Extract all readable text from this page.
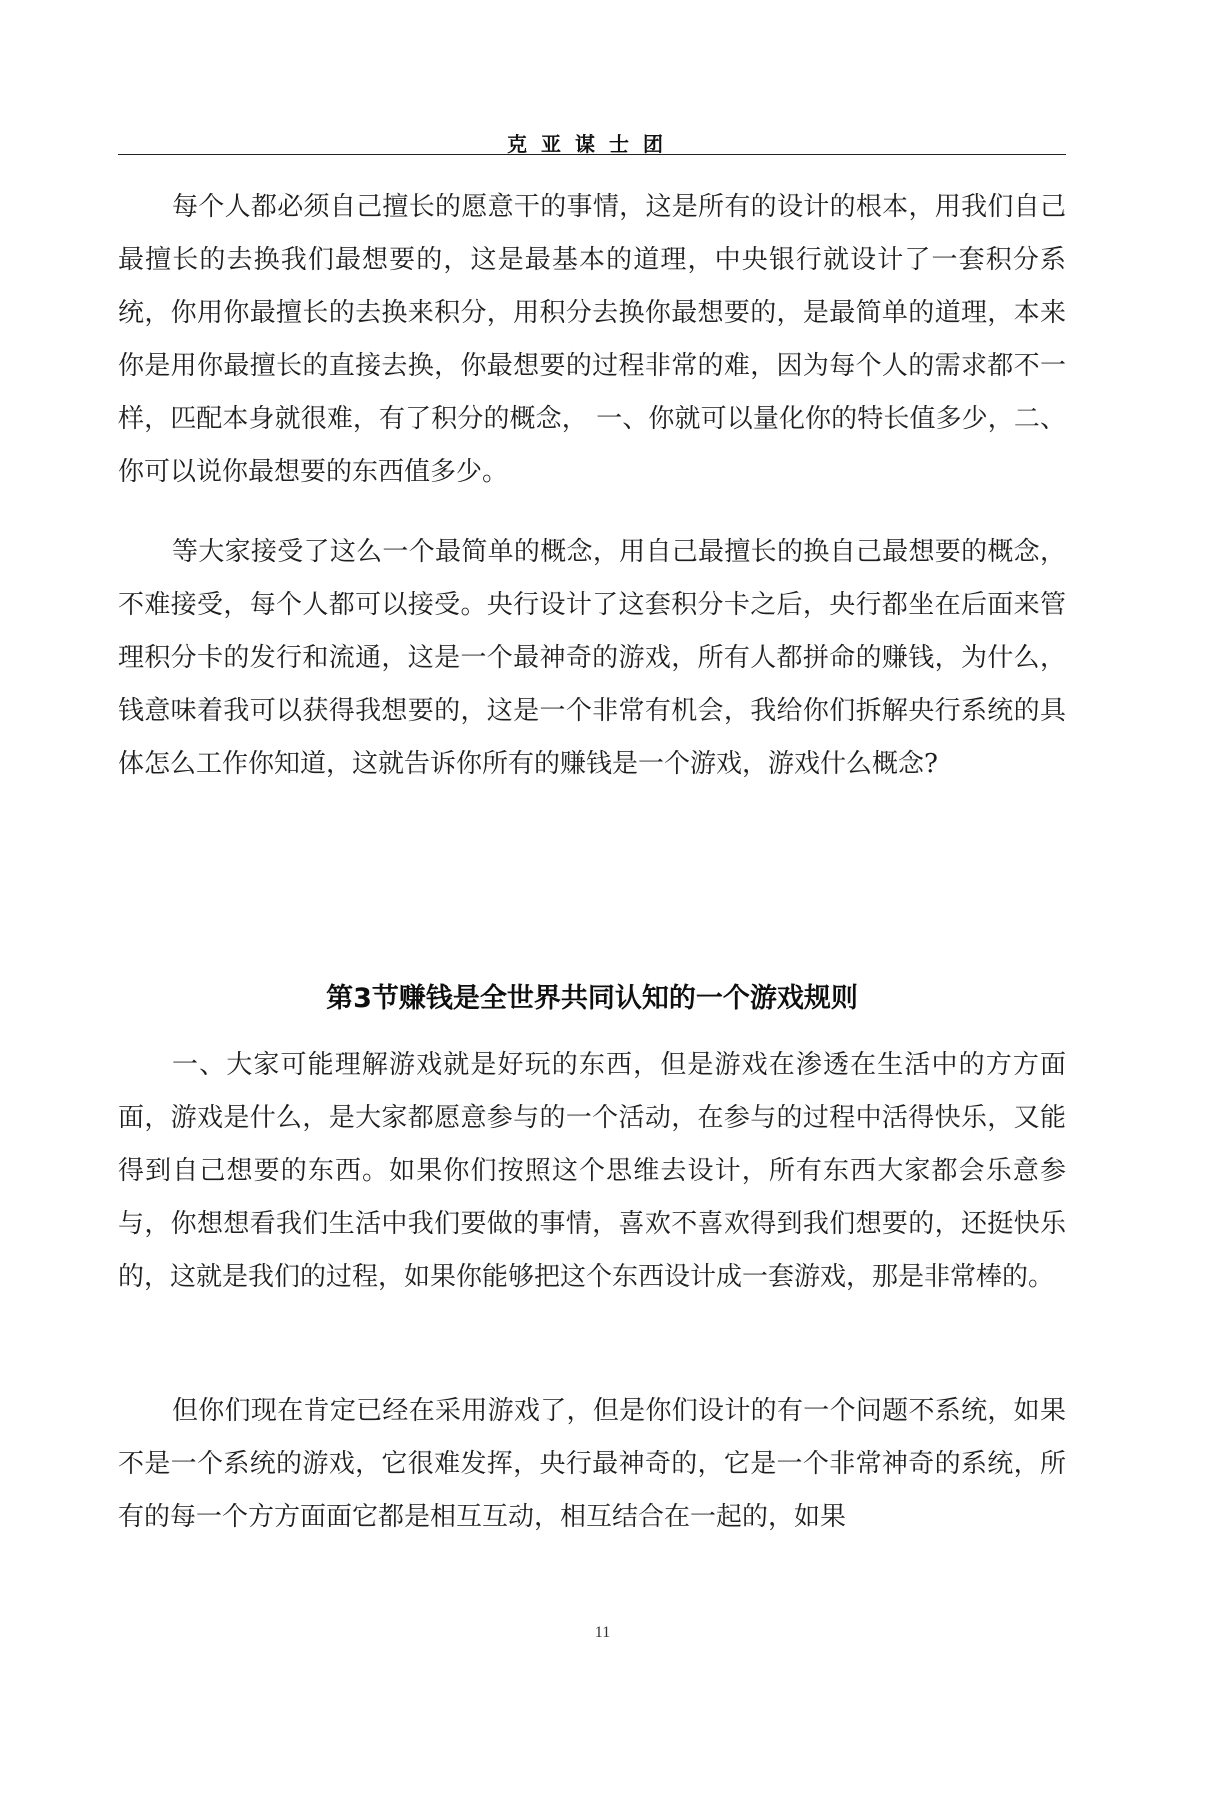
克亚谋士团

每个人都必须自己擅长的愿意干的事情，这是所有的设计的根本，用我们自己最擅长的去换我们最想要的，这是最基本的道理，中央银行就设计了一套积分系统，你用你最擅长的去换来积分，用积分去换你最想要的，是最简单的道理，本来你是用你最擅长的直接去换，你最想要的过程非常的难，因为每个人的需求都不一样，匹配本身就很难，有了积分的概念， 一、你就可以量化你的特长值多少，二、你可以说你最想要的东西值多少。

等大家接受了这么一个最简单的概念，用自己最擅长的换自己最想要的概念，不难接受，每个人都可以接受。央行设计了这套积分卡之后，央行都坐在后面来管理积分卡的发行和流通，这是一个最神奇的游戏，所有人都拼命的赚钱，为什么，钱意味着我可以获得我想要的，这是一个非常有机会，我给你们拆解央行系统的具体怎么工作你知道，这就告诉你所有的赚钱是一个游戏，游戏什么概念?

第3节赚钱是全世界共同认知的一个游戏规则

一、大家可能理解游戏就是好玩的东西，但是游戏在渗透在生活中的方方面面，游戏是什么，是大家都愿意参与的一个活动，在参与的过程中活得快乐，又能得到自己想要的东西。如果你们按照这个思维去设计，所有东西大家都会乐意参与，你想想看我们生活中我们要做的事情，喜欢不喜欢得到我们想要的，还挺快乐的，这就是我们的过程，如果你能够把这个东西设计成一套游戏，那是非常棒的。

但你们现在肯定已经在采用游戏了，但是你们设计的有一个问题不系统，如果不是一个系统的游戏，它很难发挥，央行最神奇的，它是一个非常神奇的系统，所有的每一个方方面面它都是相互互动，相互结合在一起的，如果

11
